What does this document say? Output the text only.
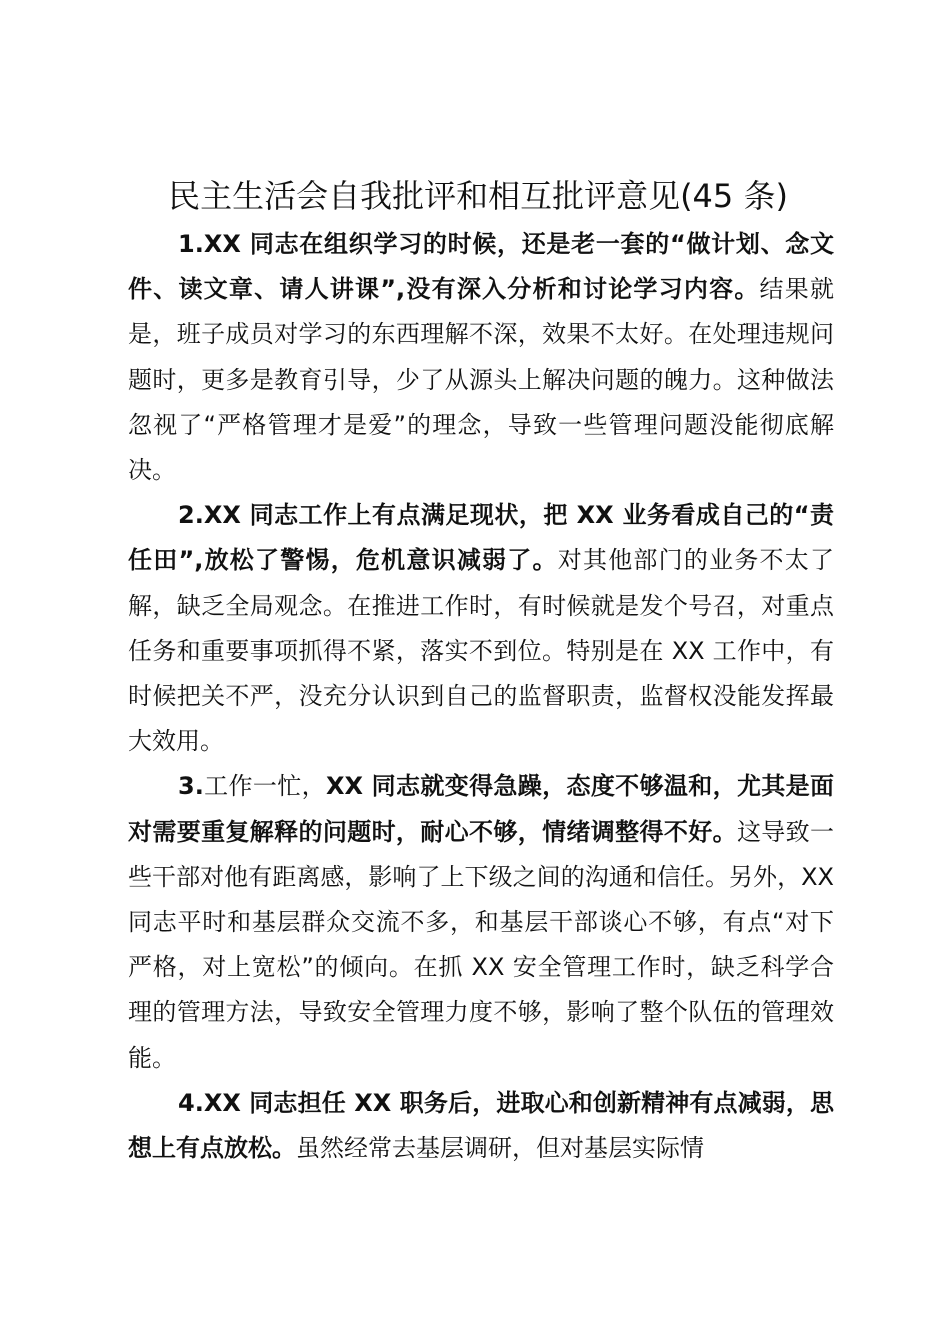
民主生活会自我批评和相互批评意见(45 条)

1.XX 同志在组织学习的时候，还是老一套的“做计划、念文件、读文章、请人讲课”,没有深入分析和讨论学习内容。结果就是，班子成员对学习的东西理解不深，效果不太好。在处理违规问题时，更多是教育引导，少了从源头上解决问题的魄力。这种做法忽视了“严格管理才是爱”的理念，导致一些管理问题没能彻底解决。

2.XX 同志工作上有点满足现状，把 XX 业务看成自己的“责任田”,放松了警惕，危机意识减弱了。对其他部门的业务不太了解，缺乏全局观念。在推进工作时，有时候就是发个号召，对重点任务和重要事项抓得不紧，落实不到位。特别是在 XX 工作中，有时候把关不严，没充分认识到自己的监督职责，监督权没能发挥最大效用。

3.工作一忙，XX 同志就变得急躁，态度不够温和，尤其是面对需要重复解释的问题时，耐心不够，情绪调整得不好。这导致一些干部对他有距离感，影响了上下级之间的沟通和信任。另外，XX 同志平时和基层群众交流不多，和基层干部谈心不够，有点“对下严格，对上宽松”的倾向。在抓 XX 安全管理工作时，缺乏科学合理的管理方法，导致安全管理力度不够，影响了整个队伍的管理效能。

4.XX 同志担任 XX 职务后，进取心和创新精神有点减弱，思想上有点放松。虽然经常去基层调研，但对基层实际情
